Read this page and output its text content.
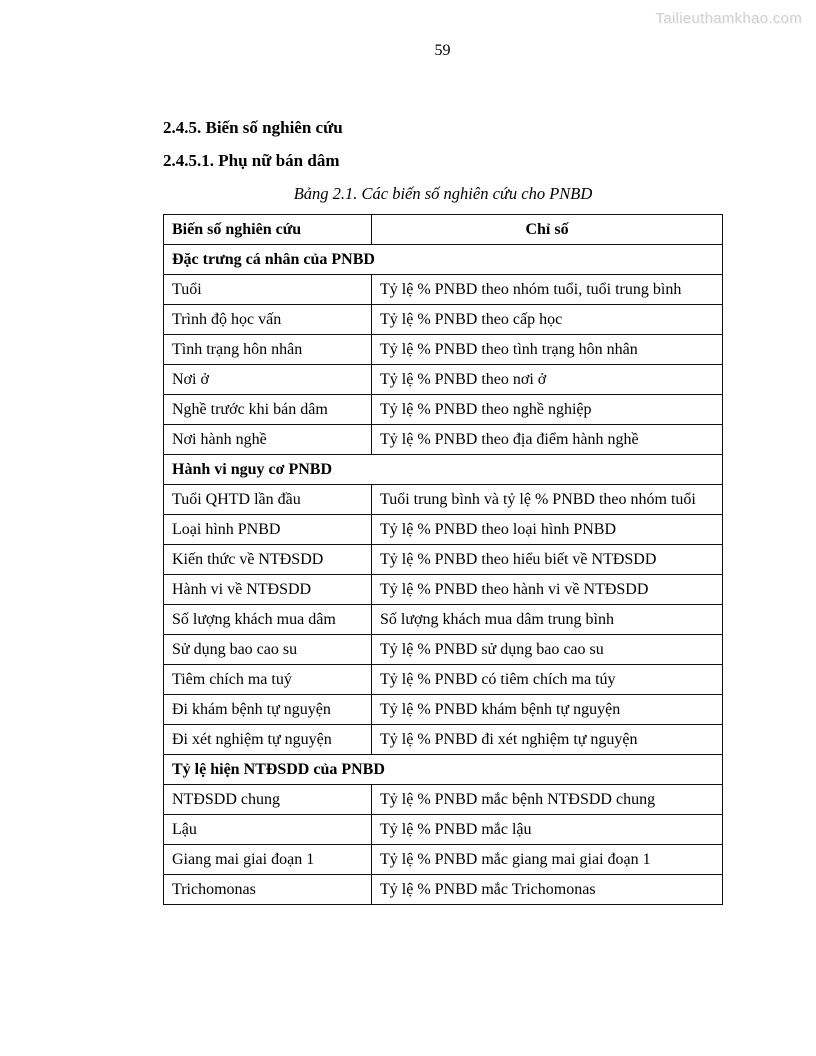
Tailieuthamkhao.com
59
2.4.5. Biến số nghiên cứu
2.4.5.1. Phụ nữ bán dâm
Bảng 2.1. Các biến số nghiên cứu cho PNBD
Biến số nghiên cứu	Chỉ số
Đặc trưng cá nhân của PNBD	
Tuổi	Tỷ lệ % PNBD theo nhóm tuổi, tuổi trung bình
Trình độ học vấn	Tỷ lệ % PNBD theo cấp học
Tình trạng hôn nhân	Tỷ lệ % PNBD theo tình trạng hôn nhân
Nơi ở	Tỷ lệ % PNBD theo nơi ở
Nghề trước khi bán dâm	Tỷ lệ % PNBD theo nghề nghiệp
Nơi hành nghề	Tỷ lệ % PNBD theo địa điểm hành nghề
Hành vi nguy cơ PNBD	
Tuổi QHTD lần đầu	Tuổi trung bình và tỷ lệ % PNBD theo nhóm tuổi
Loại hình PNBD	Tỷ lệ % PNBD theo loại hình PNBD
Kiến thức về NTĐSDD	Tỷ lệ % PNBD theo hiểu biết về NTĐSDD
Hành vi về NTĐSDD	Tỷ lệ % PNBD theo hành vi về NTĐSDD
Số lượng khách mua dâm	Số lượng khách mua dâm trung bình
Sử dụng bao cao su	Tỷ lệ % PNBD sử dụng bao cao su
Tiêm chích ma tuý	Tỷ lệ % PNBD có tiêm chích ma túy
Đi khám bệnh tự nguyện	Tỷ lệ % PNBD khám bệnh tự nguyện
Đi xét nghiệm tự nguyện	Tỷ lệ % PNBD đi xét nghiệm tự nguyện
Tỷ lệ hiện NTĐSDD của PNBD	
NTĐSDD chung	Tỷ lệ % PNBD mắc bệnh NTĐSDD chung
Lậu	Tỷ lệ % PNBD mắc lậu
Giang mai giai đoạn 1	Tỷ lệ % PNBD mắc giang mai giai đoạn 1
Trichomonas	Tỷ lệ % PNBD mắc Trichomonas
